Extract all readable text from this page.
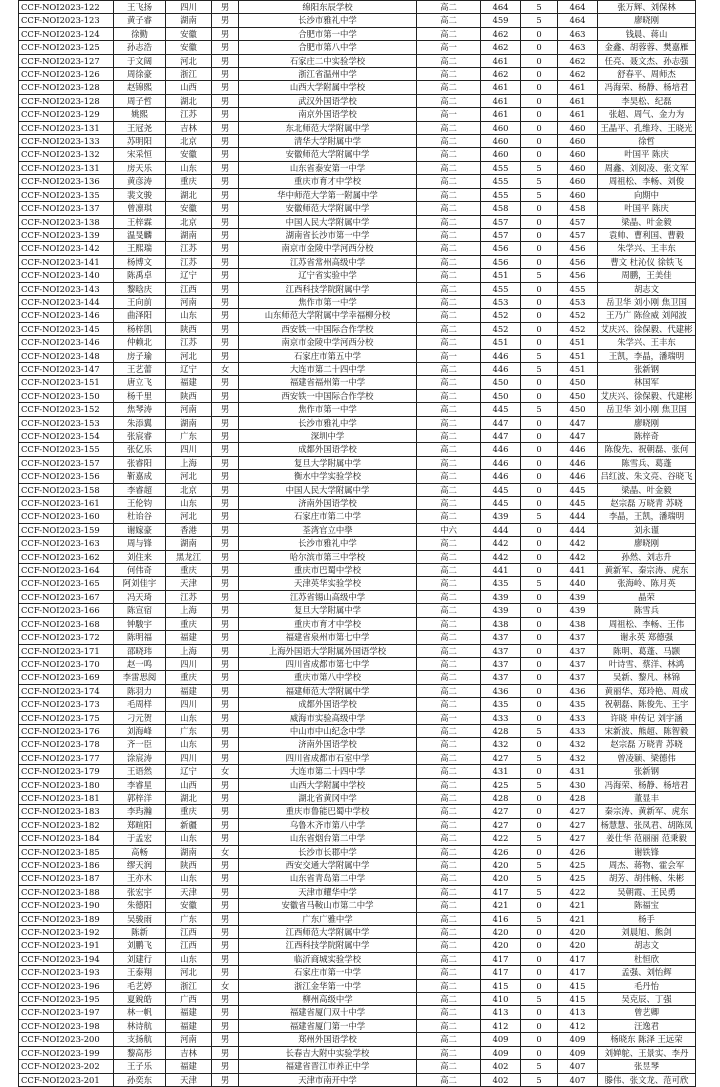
CCF-NOI2023-122	王飞扬	四川	男	绵阳东辰学校	高二	464	5	464	张万辉、刘保林
CCF-NOI2023-123	黄子睿	湖南	男	长沙市雅礼中学	高二	459	5	464	廖晓刚
CCF-NOI2023-124	徐勤	安徽	男	合肥市第一中学	高二	462	0	463	钱晨、蒋山
CCF-NOI2023-125	孙志浩	安徽	男	合肥市第八中学	高一	462	0	463	金鑫、胡蓉蓉、樊嘉雁
CCF-NOI2023-127	于文阔	河北	男	石家庄二中实验学校	高二	461	0	462	任亮、聂文杰、孙志强
CCF-NOI2023-126	周徐豪	浙江	男	浙江省温州中学	高二	462	0	462	舒春平、周师杰
CCF-NOI2023-128	赵锦熙	山西	男	山西大学附属中学校	高二	461	0	461	冯海荣、杨静、杨培君
CCF-NOI2023-128	周子哲	湖北	男	武汉外国语学校	高二	461	0	461	李昊松、纪磊
CCF-NOI2023-129	姚熙	江苏	男	南京外国语学校	高一	461	0	461	张超、周气、金力为
CCF-NOI2023-131	王冠尧	吉林	男	东北师范大学附属中学	高二	460	0	460	王晶平、孔维玲、王晓光
CCF-NOI2023-133	苏明阳	北京	男	清华大学附属中学	高二	460	0	460	徐哲
CCF-NOI2023-132	宋采恒	安徽	男	安徽师范大学附属中学	高二	460	0	460	叶国平 陈庆
CCF-NOI2023-131	房天乐	山东	男	山东省泰安第一中学	高二	455	5	460	周鑫、刘阅凌、张文军
CCF-NOI2023-136	黄彦涛	重庆	男	重庆市育才中学校	高二	455	5	460	周祖松、李畅、刘俊
CCF-NOI2023-135	裴文骏	湖北	男	华中师范大学第一附属中学	高二	455	5	460	向期中
CCF-NOI2023-137	曾凛琪	安徽	男	安徽师范大学附属中学	高二	458	0	458	叶国平 陈庆
CCF-NOI2023-138	王梓霖	北京	男	中国人民大学附属中学	高二	457	0	457	梁晶、叶金毅
CCF-NOI2023-139	温旻麟	湖南	男	湖南省长沙市第一中学	高二	457	0	457	袁帅、曹利国、曹毅
CCF-NOI2023-142	王熙瑞	江苏	男	南京市金陵中学河西分校	高二	456	0	456	朱学兴、王丰东
CCF-NOI2023-141	杨博文	江苏	男	江苏省常州高级中学	高二	456	0	456	曹文 杜沁仪 徐铁飞
CCF-NOI2023-140	陈禹卓	辽宁	男	辽宁省实验中学	高二	451	5	456	周鹏，王美佳
CCF-NOI2023-143	黎晗庆	江西	男	江西科技学院附属中学	高二	455	0	455	胡志文
CCF-NOI2023-144	王向前	河南	男	焦作市第一中学	高二	453	0	453	岳卫华 刘小刚 焦卫国
CCF-NOI2023-146	曲泽阳	山东	男	山东师范大学附属中学幸福柳分校	高二	452	0	452	王乃广 陈俭威 刘闻波
CCF-NOI2023-145	杨梓凯	陕西	男	西安铁一中国际合作学校	高二	452	0	452	艾庆兴、徐保毅、代建彬
CCF-NOI2023-146	仲赖北	江苏	男	南京市金陵中学河西分校	高二	451	0	451	朱学兴、王丰东
CCF-NOI2023-148	房子瑜	河北	男	石家庄市第五中学	高一	446	5	451	王凯，李晶，潘瑞明
CCF-NOI2023-147	王艺蕾	辽宁	女	大连市第二十四中学	高二	446	5	451	张新钢
CCF-NOI2023-151	唐立飞	福建	男	福建省福州第一中学	高二	450	0	450	林国军
CCF-NOI2023-150	杨千里	陕西	男	西安铁一中国际合作学校	高二	450	0	450	艾庆兴、徐保毅、代建彬
CCF-NOI2023-152	焦琴涛	河南	男	焦作市第一中学	高二	445	5	450	岳卫华 刘小刚 焦卫国
CCF-NOI2023-153	朱添翼	湖南	男	长沙市雅礼中学	高二	447	0	447	廖晓刚
CCF-NOI2023-154	张宸睿	广东	男	深圳中学	高二	447	0	447	陈梓奇
CCF-NOI2023-155	张亿乐	四川	男	成都外国语学校	高二	446	0	446	陈俊先、祝朝磊、张何
CCF-NOI2023-157	张睿阳	上海	男	复旦大学附属中学	高二	446	0	446	陈雪兵、葛蓬
CCF-NOI2023-156	靳嘉成	河北	男	衡水中学实验学校	高二	446	0	446	吕红波、朱文亮、谷晓飞
CCF-NOI2023-158	李睿超	北京	男	中国人民大学附属中学	高二	445	0	445	梁晶、叶金毅
CCF-NOI2023-161	王伦钧	山东	男	济南外国语学校	高二	445	0	445	赵宗磊 万晓青 苏晓
CCF-NOI2023-160	杜诒谷	河北	男	石家庄市第二中学	高二	439	5	444	李晶，王凯，潘瑞明
CCF-NOI2023-159	谢嫁豪	香港	男	荃湾官立中學	中六	444	0	444	刘永谨
CCF-NOI2023-163	周与锋	湖南	男	长沙市雅礼中学	高二	442	0	442	廖晓刚
CCF-NOI2023-162	刘住来	黑龙江	男	哈尔滨市第三中学校	高二	442	0	442	孙然、刘志升
CCF-NOI2023-164	何伟奇	重庆	男	重庆市巴蜀中学校	高二	441	0	441	黄新军、秦宗涛、虎东
CCF-NOI2023-165	阿刘佳宇	天津	男	天津英华实验学校	高二	435	5	440	张海岭、陈月英
CCF-NOI2023-167	冯天琦	江苏	男	江苏省锡山高级中学	高二	439	0	439	晶荣
CCF-NOI2023-166	陈宣宿	上海	男	复旦大学附属中学	高二	439	0	439	陈雪兵
CCF-NOI2023-168	钟駿宇	重庆	男	重庆市育才中学校	高二	438	0	438	周祖松、李畅、王伟
CCF-NOI2023-172	陈明福	福建	男	福建省泉州市第七中学	高二	437	0	437	谢永英 郑德强
CCF-NOI2023-171	邵晓玮	上海	男	上海外国语大学附属外国语学校	高二	437	0	437	陈明、葛蓬、马颢
CCF-NOI2023-170	赵一鸣	四川	男	四川省成都市第七中学	高二	437	0	437	叶诗雪、蔡洋、林鸿
CCF-NOI2023-169	李雷思阅	重庆	男	重庆市第八中学校	高二	437	0	437	吴新、黎凡、林锦
CCF-NOI2023-174	陈羽力	福建	男	福建师范大学附属中学	高二	436	0	436	黄丽华、郑玲艳、周成
CCF-NOI2023-173	毛周样	四川	男	成都外国语学校	高二	435	0	435	祝朝磊、陈俊先、王宇
CCF-NOI2023-175	刁元贺	山东	男	威海市实验高级中学	高一	433	0	433	许晓 申传记 刘宇涵
CCF-NOI2023-176	刘海峰	广东	男	中山市中山纪念中学	高二	428	5	433	宋新波、熊超、陈智毅
CCF-NOI2023-178	齐一臣	山东	男	济南外国语学校	高二	432	0	432	赵宗磊 万晓青 苏晓
CCF-NOI2023-177	涂宸涛	四川	男	四川省成都市石室中学	高二	427	5	432	曾凌颖、梁德伟
CCF-NOI2023-179	王语然	辽宁	女	大连市第二十四中学	高二	431	0	431	张新钢
CCF-NOI2023-180	李睿星	山西	男	山西大学附属中学校	高二	425	5	430	冯海荣、杨静、杨培君
CCF-NOI2023-181	郭梓洋	湖北	男	湖北省黄冈中学	高二	428	0	428	董显丰
CCF-NOI2023-183	李玙瀚	重庆	男	重庆市鲁能巴蜀中学校	高二	427	0	427	秦宗涛、黄新军、虎东
CCF-NOI2023-182	郑暄阳	新疆	男	乌鲁木齐市第八中学	高二	427	0	427	杨慧慧、张凤君、胡陈凤
CCF-NOI2023-184	于孟宏	山东	男	山东省烟台第二中学	高二	422	5	427	姜仕华 范丽丽 范秉毅
CCF-NOI2023-185	高畅	湖南	女	长沙市长郡中学	高二	426	0	426	谢铁锋
CCF-NOI2023-186	缪天润	陕西	男	西安交通大学附属中学	高二	420	5	425	周杰、蒋物、霍会军
CCF-NOI2023-187	王亦木	山东	男	山东省青岛第二中学	高二	420	5	425	胡芳、胡伟畅、朱彬
CCF-NOI2023-188	张宏宇	天津	男	天津市耀华中学	高二	417	5	422	吴朝霞、王民勇
CCF-NOI2023-190	朱德阳	安徽	男	安徽省马鞍山市第二中学	高二	421	0	421	陈福宝
CCF-NOI2023-189	吴骏雨	广东	男	广东广雅中学	高二	416	5	421	杨手
CCF-NOI2023-192	陈新	江西	男	江西师范大学附属中学	高二	420	0	420	刘晨旭、熊剑
CCF-NOI2023-191	刘鹏飞	江西	男	江西科技学院附属中学	高二	420	0	420	胡志文
CCF-NOI2023-194	刘建行	山东	男	临沂商城实验学校	高二	417	0	417	杜恒欣
CCF-NOI2023-193	王泰翔	河北	男	石家庄市第一中学	高二	417	0	417	孟强、刘怡辉
CCF-NOI2023-196	毛艺婷	浙江	女	浙江金华第一中学	高二	415	0	415	毛丹怡
CCF-NOI2023-195	夏銳皓	广西	男	柳州高级中学	高二	410	5	415	吴克辰、丁强
CCF-NOI2023-197	林一帆	福建	男	福建省厦门双十中学	高二	413	0	413	曾艺卿
CCF-NOI2023-198	林诗航	福建	男	福建省厦门第一中学	高二	412	0	412	汪逸君
CCF-NOI2023-200	支扬航	河南	男	郑州外国语学校	高二	409	0	409	杨晓东 陈泽 王远荣
CCF-NOI2023-199	黎高彤	吉林	男	长春吉大附中实验学校	高二	409	0	409	刘婵鸵、王景实、李丹
CCF-NOI2023-202	王子乐	福建	男	福建省晋江市养正中学	高二	402	5	407	张昱琴
CCF-NOI2023-201	孙奕东	天津	男	天津市南开中学	高二	402	5	407	滕伟、张文龙、范可欣
